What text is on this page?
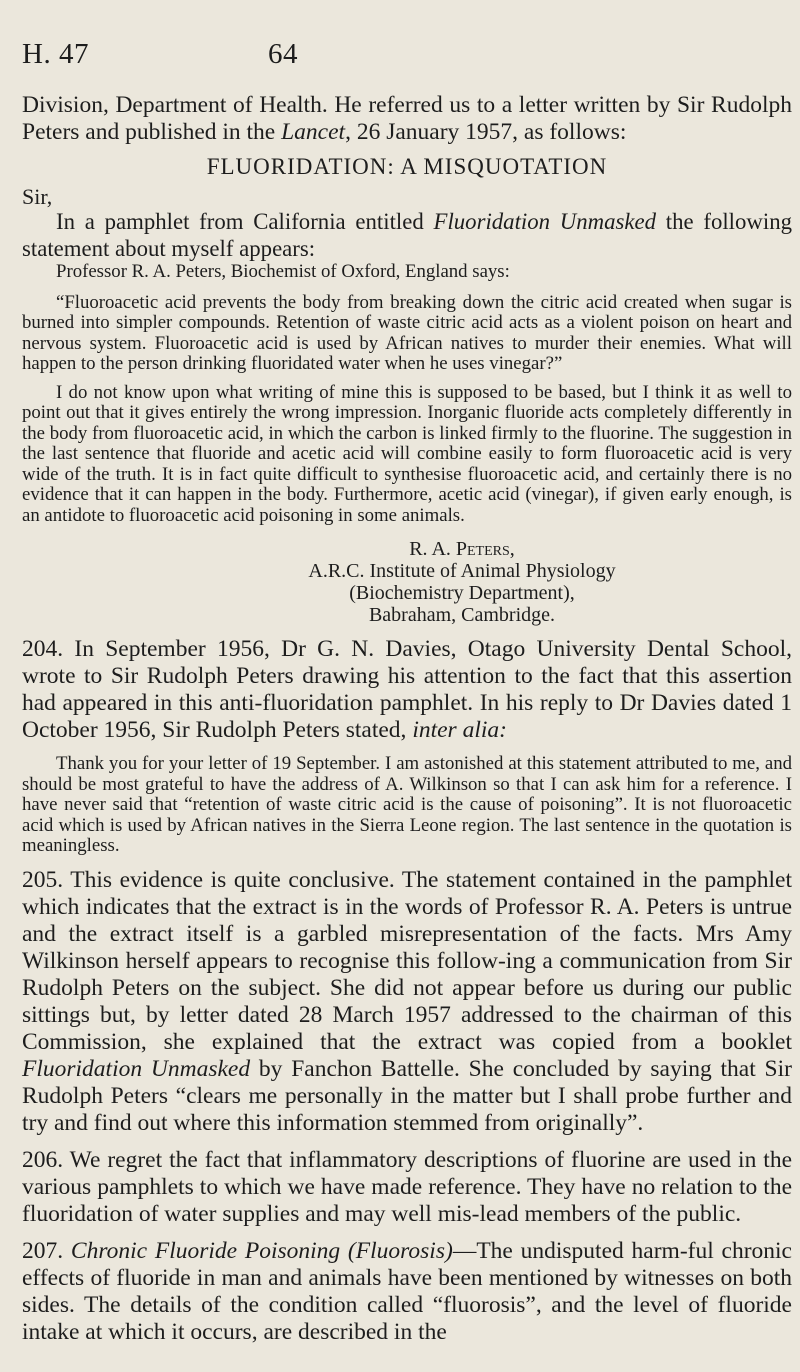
H. 47	64

Division, Department of Health. He referred us to a letter written by Sir Rudolph Peters and published in the Lancet, 26 January 1957, as follows:

FLUORIDATION: A MISQUOTATION

Sir,

In a pamphlet from California entitled Fluoridation Unmasked the following statement about myself appears:

Professor R. A. Peters, Biochemist of Oxford, England says:

“Fluoroacetic acid prevents the body from breaking down the citric acid created when sugar is burned into simpler compounds. Retention of waste citric acid acts as a violent poison on heart and nervous system. Fluoroacetic acid is used by African natives to murder their enemies. What will happen to the person drinking fluoridated water when he uses vinegar?”

I do not know upon what writing of mine this is supposed to be based, but I think it as well to point out that it gives entirely the wrong impression. Inorganic fluoride acts completely differently in the body from fluoroacetic acid, in which the carbon is linked firmly to the fluorine. The suggestion in the last sentence that fluoride and acetic acid will combine easily to form fluoroacetic acid is very wide of the truth. It is in fact quite difficult to synthesise fluoroacetic acid, and certainly there is no evidence that it can happen in the body. Furthermore, acetic acid (vinegar), if given early enough, is an antidote to fluoroacetic acid poisoning in some animals.

R. A. Peters,
A.R.C. Institute of Animal Physiology
(Biochemistry Department),
Babraham, Cambridge.

204. In September 1956, Dr G. N. Davies, Otago University Dental School, wrote to Sir Rudolph Peters drawing his attention to the fact that this assertion had appeared in this anti-fluoridation pamphlet. In his reply to Dr Davies dated 1 October 1956, Sir Rudolph Peters stated, inter alia:

Thank you for your letter of 19 September. I am astonished at this statement attributed to me, and should be most grateful to have the address of A. Wilkinson so that I can ask him for a reference. I have never said that “retention of waste citric acid is the cause of poisoning”. It is not fluoroacetic acid which is used by African natives in the Sierra Leone region. The last sentence in the quotation is meaningless.

205. This evidence is quite conclusive. The statement contained in the pamphlet which indicates that the extract is in the words of Professor R. A. Peters is untrue and the extract itself is a garbled misrepresentation of the facts. Mrs Amy Wilkinson herself appears to recognise this follow-ing a communication from Sir Rudolph Peters on the subject. She did not appear before us during our public sittings but, by letter dated 28 March 1957 addressed to the chairman of this Commission, she explained that the extract was copied from a booklet Fluoridation Unmasked by Fanchon Battelle. She concluded by saying that Sir Rudolph Peters “clears me personally in the matter but I shall probe further and try and find out where this information stemmed from originally”.

206. We regret the fact that inflammatory descriptions of fluorine are used in the various pamphlets to which we have made reference. They have no relation to the fluoridation of water supplies and may well mis-lead members of the public.

207. Chronic Fluoride Poisoning (Fluorosis)—The undisputed harm-ful chronic effects of fluoride in man and animals have been mentioned by witnesses on both sides. The details of the condition called “fluorosis”, and the level of fluoride intake at which it occurs, are described in the
